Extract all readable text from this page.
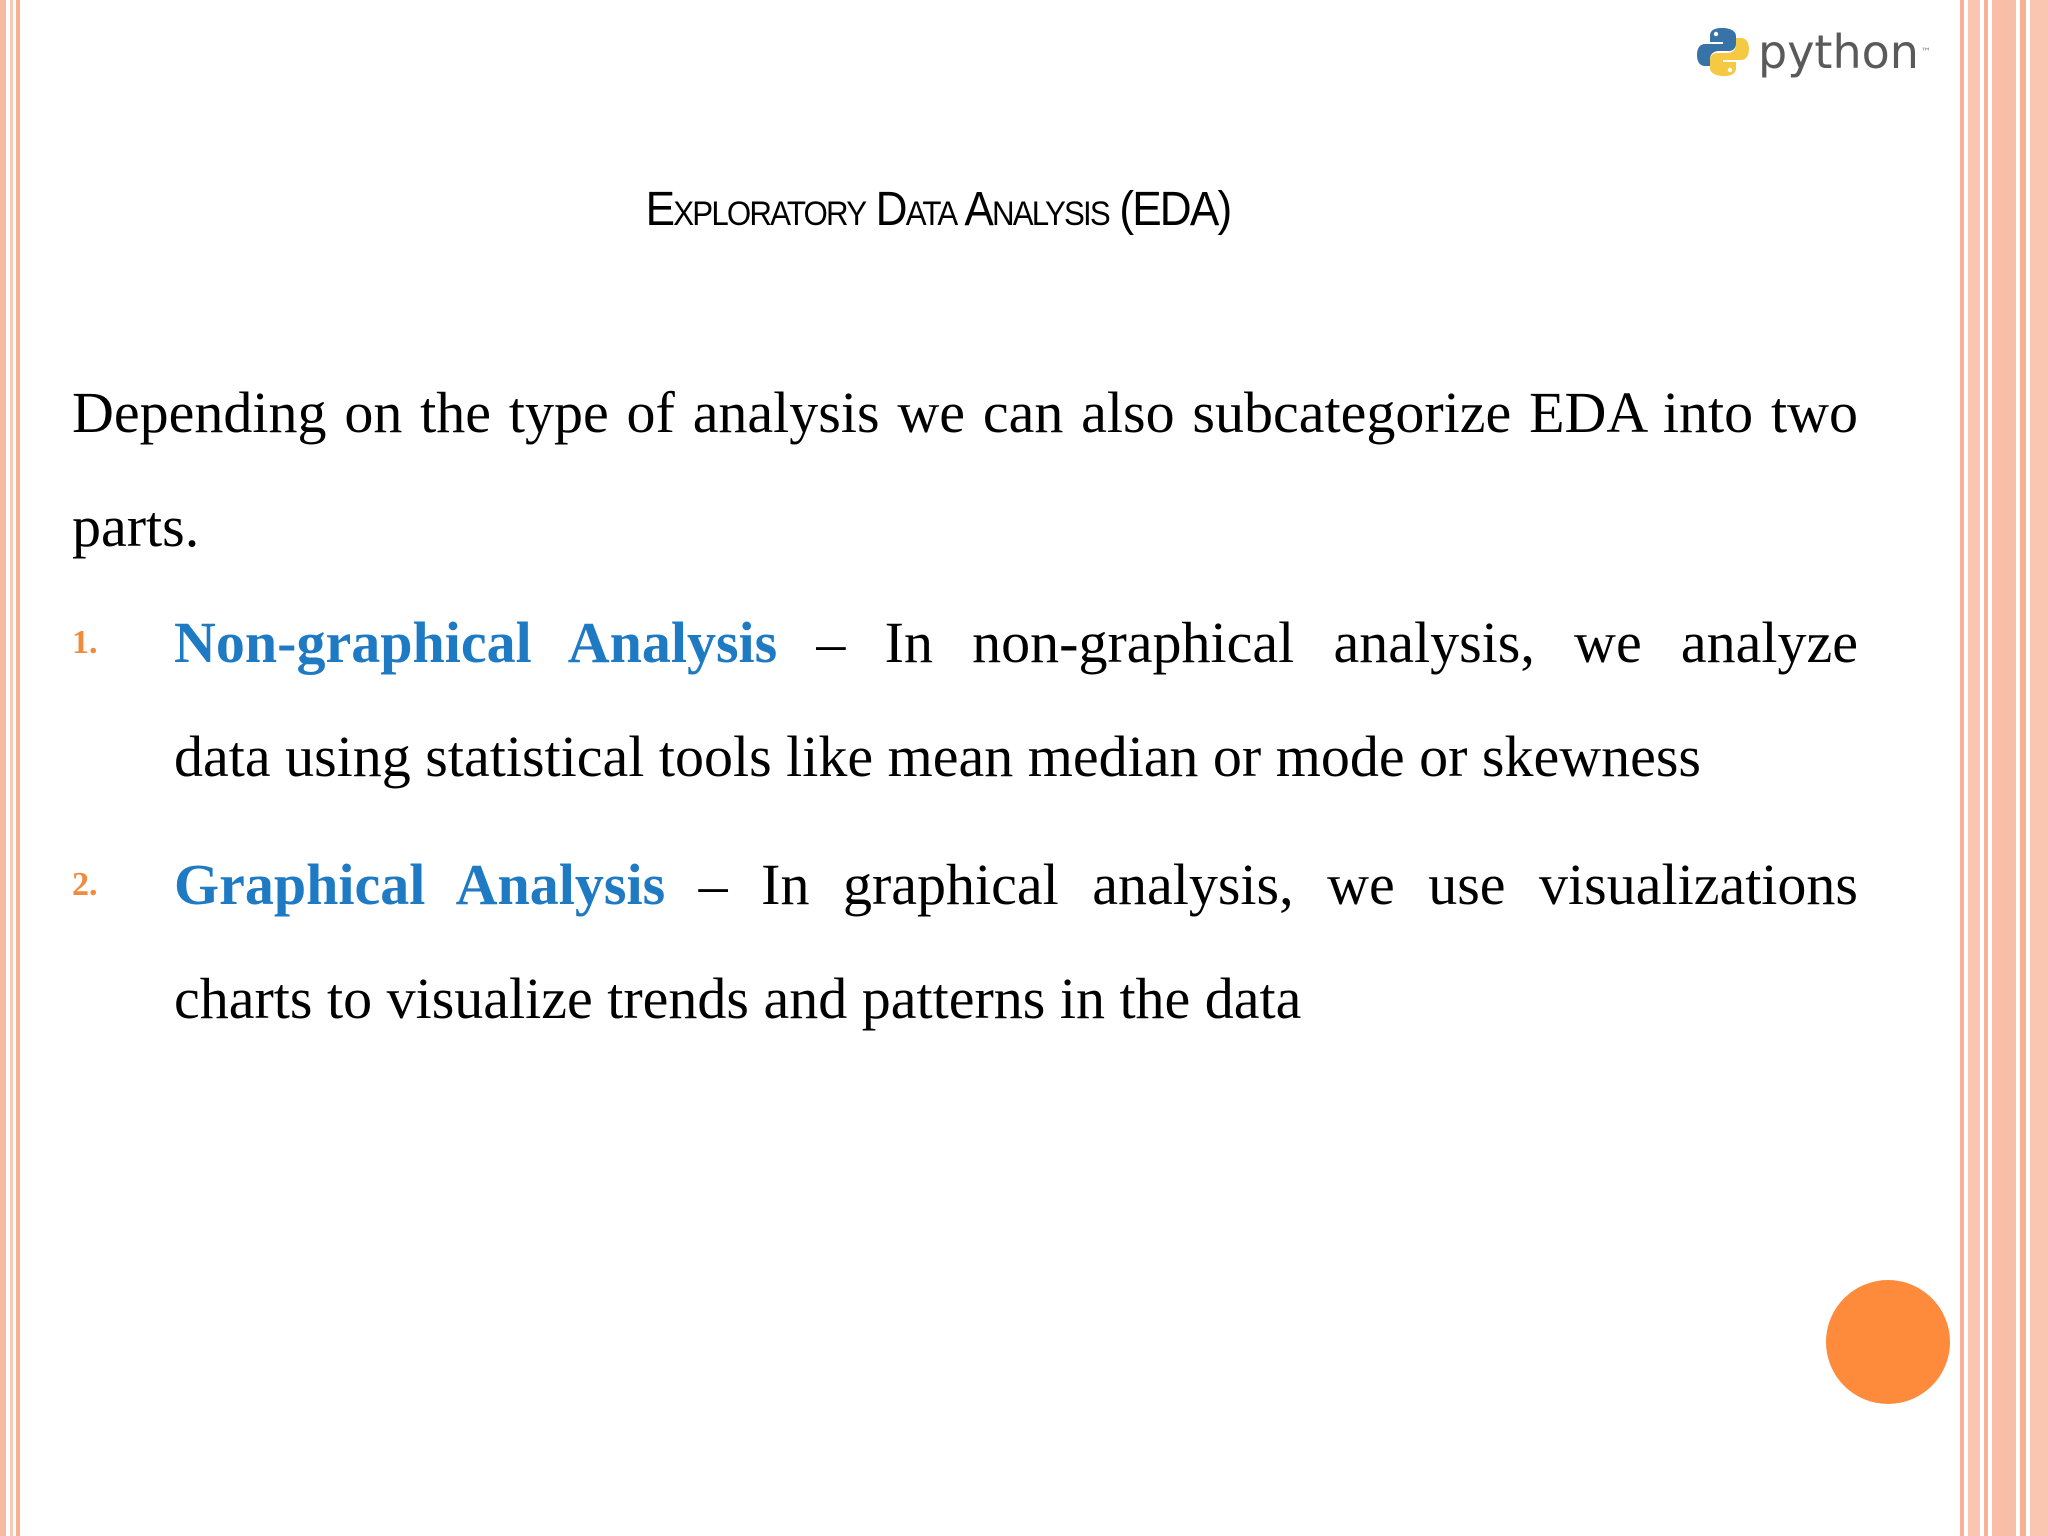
python ™
Exploratory Data Analysis (EDA)

Depending on the type of analysis we can also subcategorize EDA into two parts.

1. Non-graphical Analysis – In non-graphical analysis, we analyze
data using statistical tools like mean median or mode or skewness
2. Graphical Analysis – In graphical analysis, we use visualizations
charts to visualize trends and patterns in the data
